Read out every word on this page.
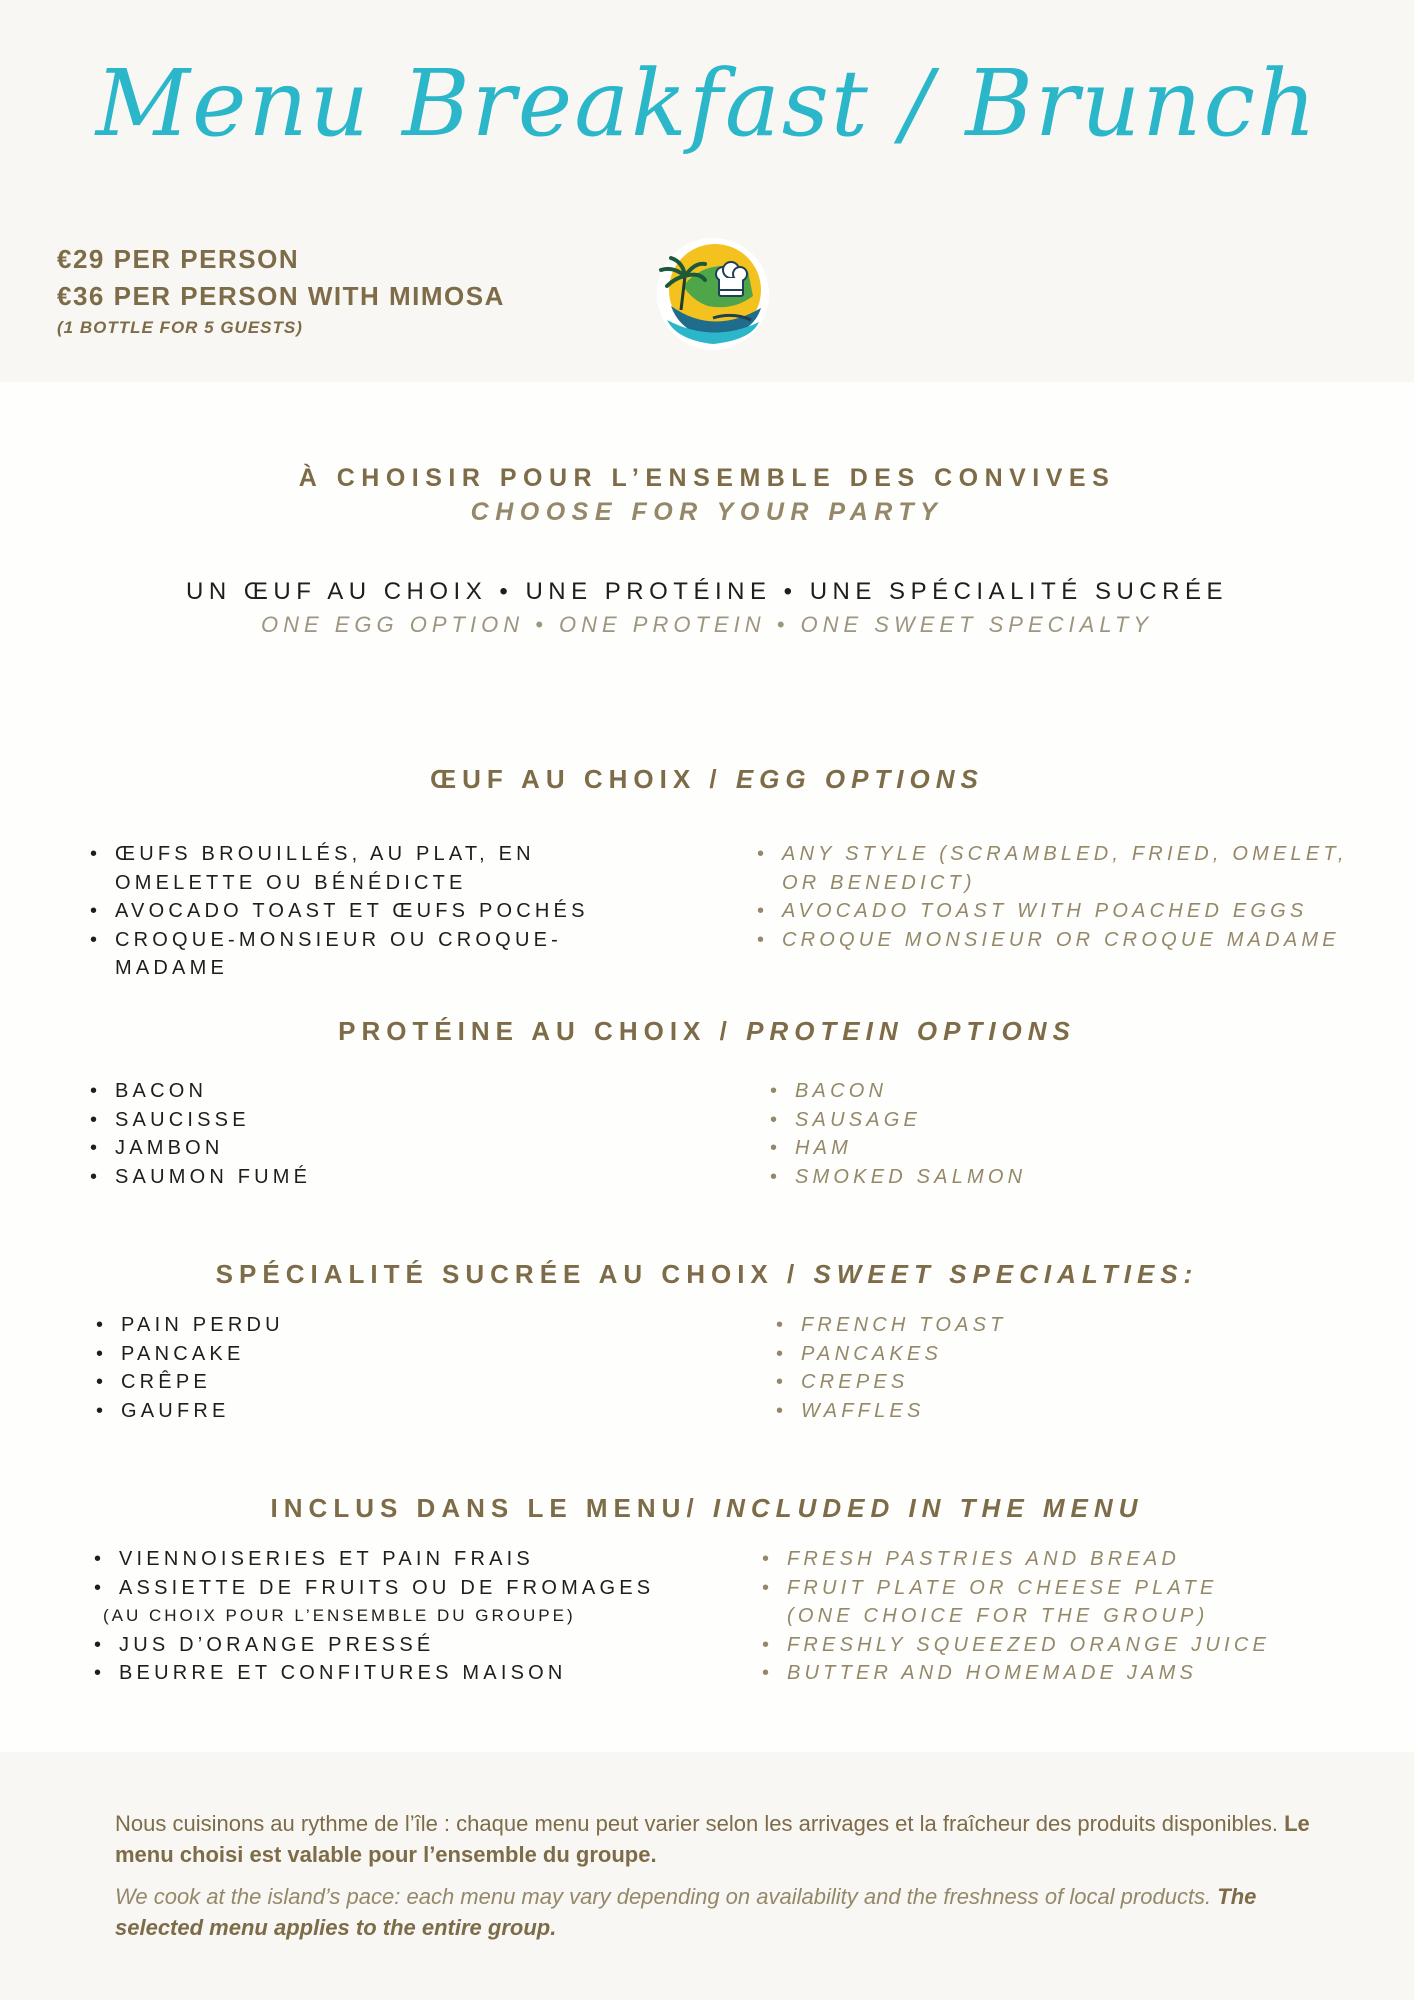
Menu Breakfast / Brunch
€29 PER PERSON
€36 PER PERSON WITH MIMOSA
(1 BOTTLE FOR 5 GUESTS)
À CHOISIR POUR L’ENSEMBLE DES CONVIVES
CHOOSE FOR YOUR PARTY
UN ŒUF AU CHOIX • UNE PROTÉINE • UNE SPÉCIALITÉ SUCRÉE
ONE EGG OPTION • ONE PROTEIN • ONE SWEET SPECIALTY
ŒUF AU CHOIX / EGG OPTIONS
• ŒUFS BROUILLÉS, AU PLAT, EN OMELETTE OU BÉNÉDICTE
• AVOCADO TOAST ET ŒUFS POCHÉS
• CROQUE-MONSIEUR OU CROQUE-MADAME
• ANY STYLE (SCRAMBLED, FRIED, OMELET, OR BENEDICT)
• AVOCADO TOAST WITH POACHED EGGS
• CROQUE MONSIEUR OR CROQUE MADAME
PROTÉINE AU CHOIX / PROTEIN OPTIONS
• BACON
• SAUCISSE
• JAMBON
• SAUMON FUMÉ
• BACON
• SAUSAGE
• HAM
• SMOKED SALMON
SPÉCIALITÉ SUCRÉE AU CHOIX / SWEET SPECIALTIES:
• PAIN PERDU
• PANCAKE
• CRÊPE
• GAUFRE
• FRENCH TOAST
• PANCAKES
• CREPES
• WAFFLES
INCLUS DANS LE MENU/ INCLUDED IN THE MENU
• VIENNOISERIES ET PAIN FRAIS
• ASSIETTE DE FRUITS OU DE FROMAGES
(AU CHOIX POUR L’ENSEMBLE DU GROUPE)
• JUS D’ORANGE PRESSÉ
• BEURRE ET CONFITURES MAISON
• FRESH PASTRIES AND BREAD
• FRUIT PLATE OR CHEESE PLATE
(ONE CHOICE FOR THE GROUP)
• FRESHLY SQUEEZED ORANGE JUICE
• BUTTER AND HOMEMADE JAMS
Nous cuisinons au rythme de l’île : chaque menu peut varier selon les arrivages et la fraîcheur des produits disponibles. Le menu choisi est valable pour l’ensemble du groupe.
We cook at the island’s pace: each menu may vary depending on availability and the freshness of local products. The selected menu applies to the entire group.
